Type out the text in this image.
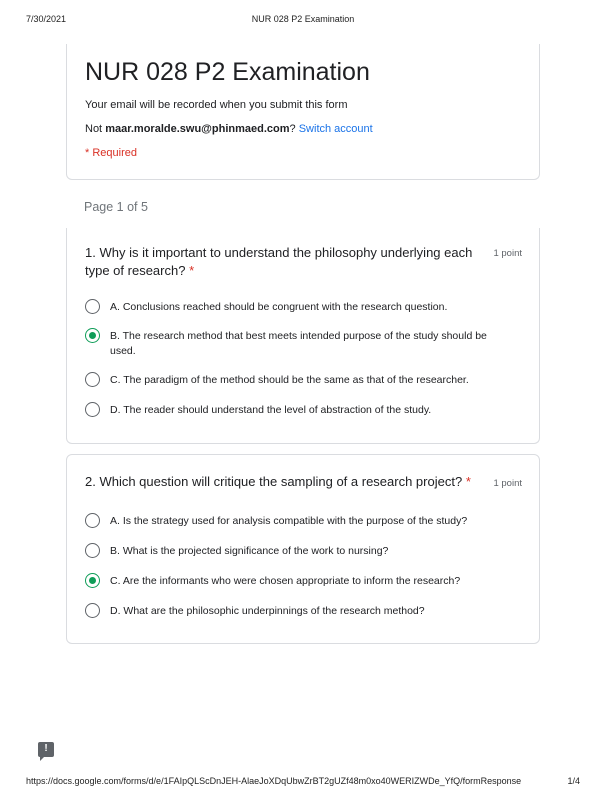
7/30/2021	NUR 028 P2 Examination
NUR 028 P2 Examination
Your email will be recorded when you submit this form
Not maar.moralde.swu@phinmaed.com? Switch account
* Required
Page 1 of 5
1. Why is it important to understand the philosophy underlying each type of research? *
1 point
A. Conclusions reached should be congruent with the research question.
B. The research method that best meets intended purpose of the study should be used.
C. The paradigm of the method should be the same as that of the researcher.
D. The reader should understand the level of abstraction of the study.
2. Which question will critique the sampling of a research project? *	1 point
A. Is the strategy used for analysis compatible with the purpose of the study?
B. What is the projected significance of the work to nursing?
C. Are the informants who were chosen appropriate to inform the research?
D. What are the philosophic underpinnings of the research method?
!
https://docs.google.com/forms/d/e/1FAIpQLScDnJEH-AlaeJoXDqUbwZrBT2gUZf48m0xo40WERIZWDe_YfQ/formResponse	1/4
